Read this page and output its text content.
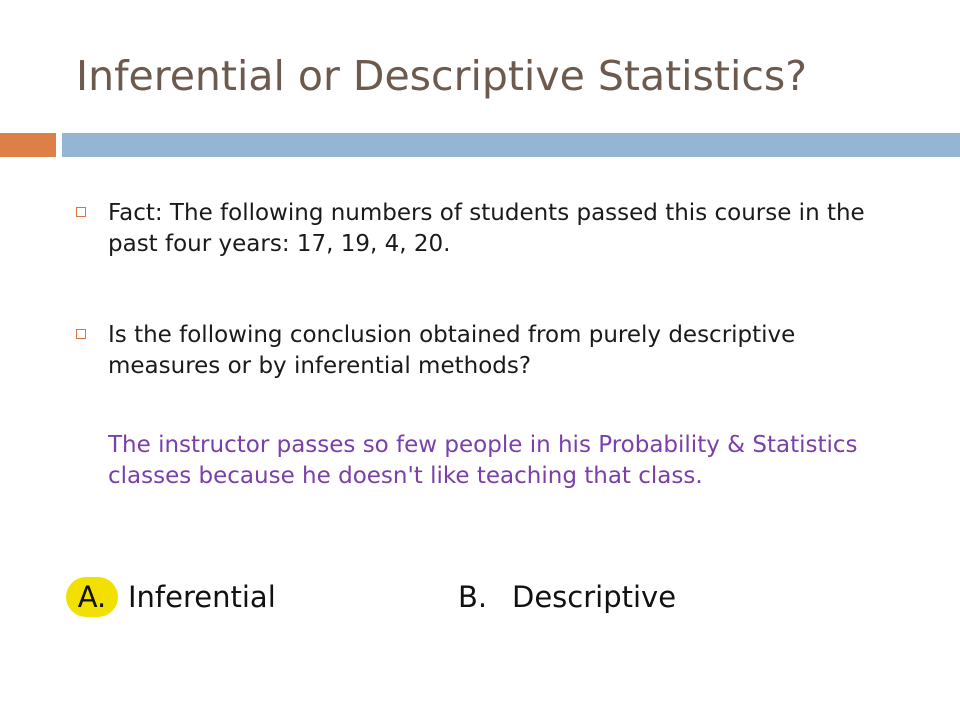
Inferential or Descriptive Statistics?
Fact: The following numbers of students passed this course in the past four years: 17, 19, 4, 20.
Is the following conclusion obtained from purely descriptive measures or by inferential methods?
The instructor passes so few people in his Probability & Statistics classes because he doesn't like teaching that class.
A. Inferential	B. Descriptive
